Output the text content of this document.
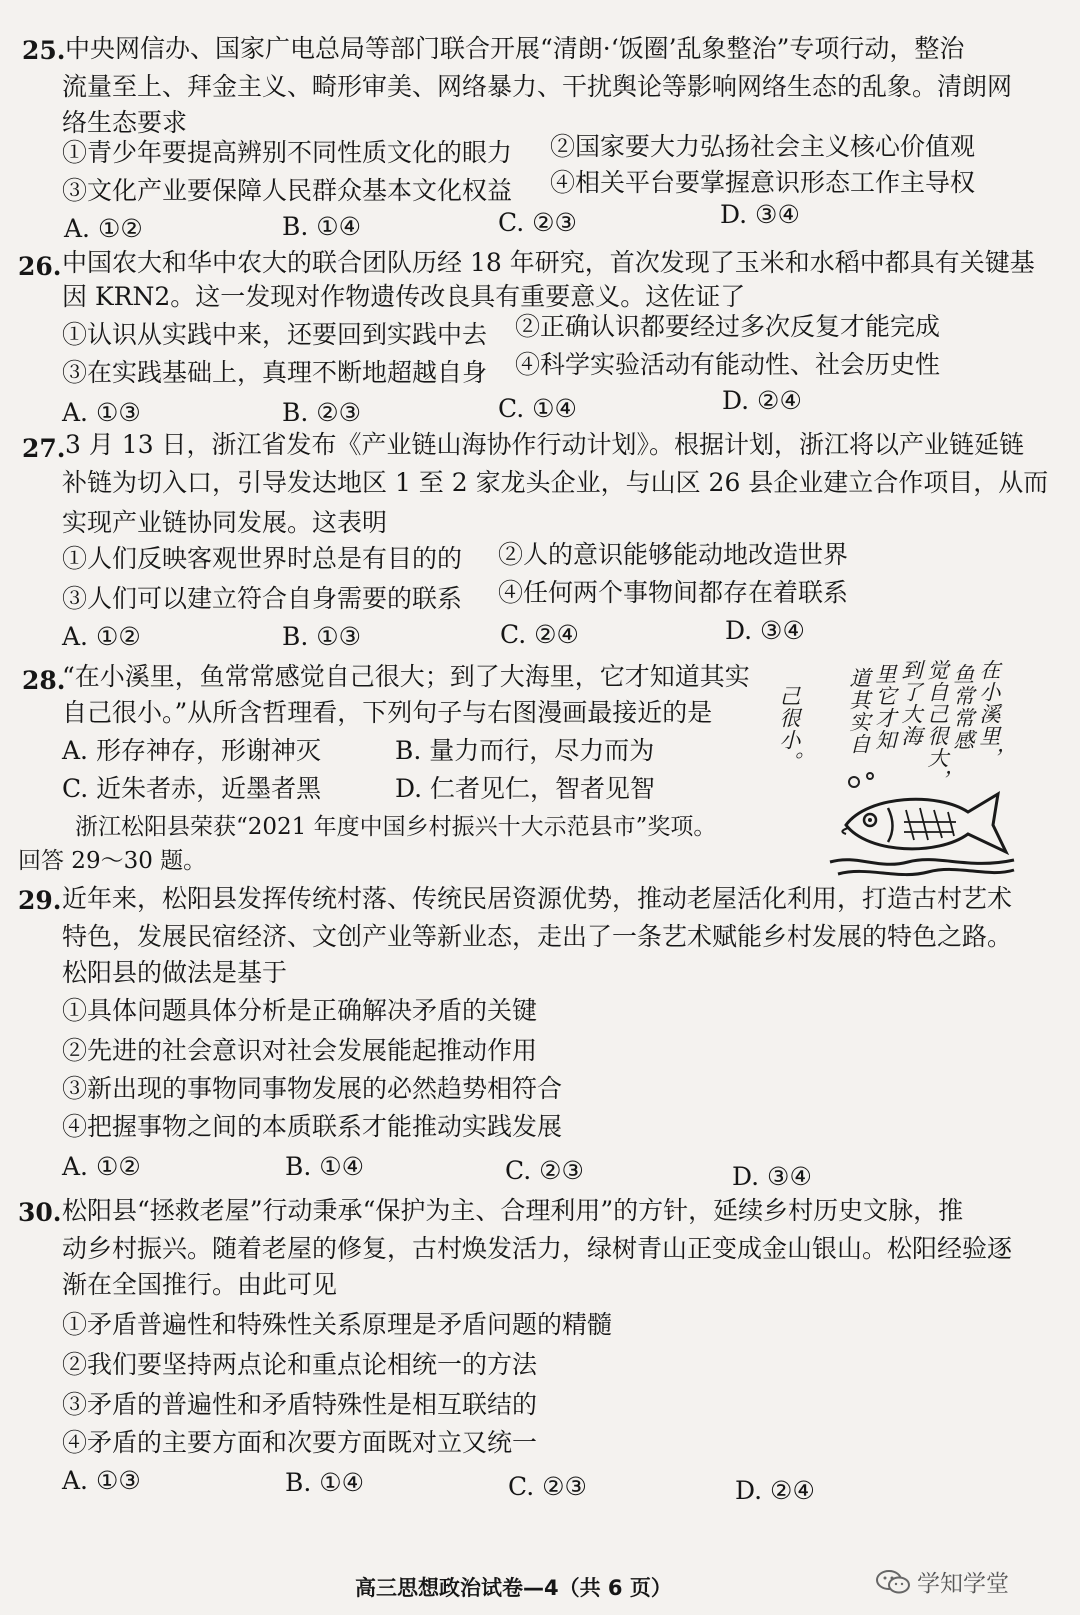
25. 中央网信办、国家广电总局等部门联合开展“清朗·‘饭圈’乱象整治”专项行动，整治
流量至上、拜金主义、畸形审美、网络暴力、干扰舆论等影响网络生态的乱象。清朗网
络生态要求
①青少年要提高辨别不同性质文化的眼力 ②国家要大力弘扬社会主义核心价值观
③文化产业要保障人民群众基本文化权益 ④相关平台要掌握意识形态工作主导权
A. ①②	B. ①④	C. ②③	D. ③④
26. 中国农大和华中农大的联合团队历经 18 年研究，首次发现了玉米和水稻中都具有关键基
因 KRN2。这一发现对作物遗传改良具有重要意义。这佐证了
①认识从实践中来，还要回到实践中去 ②正确认识都要经过多次反复才能完成
③在实践基础上，真理不断地超越自身 ④科学实验活动有能动性、社会历史性
A. ①③	B. ②③	C. ①④	D. ②④
27. 3 月 13 日，浙江省发布《产业链山海协作行动计划》。根据计划，浙江将以产业链延链
补链为切入口，引导发达地区 1 至 2 家龙头企业，与山区 26 县企业建立合作项目，从而
实现产业链协同发展。这表明
①人们反映客观世界时总是有目的的 ②人的意识能够能动地改造世界
③人们可以建立符合自身需要的联系 ④任何两个事物间都存在着联系
A. ①②	B. ①③	C. ②④	D. ③④
28.
“在小溪里，鱼常常感觉自己很大；到了大海里，它才知道其实
自己很小。”从所含哲理看，下列句子与右图漫画最接近的是
A. 形存神存，形谢神灭	B. 量力而行，尽力而为
C. 近朱者赤，近墨者黑	D. 仁者见仁，智者见智
在小溪里，
鱼常常感
觉自己很大，
到了大海
里它才知
道其实自
己很小。
浙江松阳县荣获“2021 年度中国乡村振兴十大示范县市”奖项。
回答 29～30 题。
29. 近年来，松阳县发挥传统村落、传统民居资源优势，推动老屋活化利用，打造古村艺术
特色，发展民宿经济、文创产业等新业态，走出了一条艺术赋能乡村发展的特色之路。
松阳县的做法是基于
①具体问题具体分析是正确解决矛盾的关键
②先进的社会意识对社会发展能起推动作用
③新出现的事物同事物发展的必然趋势相符合
④把握事物之间的本质联系才能推动实践发展
A. ①②	B. ①④	C. ②③	D. ③④
30. 松阳县“拯救老屋”行动秉承“保护为主、合理利用”的方针，延续乡村历史文脉，推
动乡村振兴。随着老屋的修复，古村焕发活力，绿树青山正变成金山银山。松阳经验逐
渐在全国推行。由此可见
①矛盾普遍性和特殊性关系原理是矛盾问题的精髓
②我们要坚持两点论和重点论相统一的方法
③矛盾的普遍性和矛盾特殊性是相互联结的
④矛盾的主要方面和次要方面既对立又统一
A. ①③	B. ①④	C. ②③	D. ②④
高三思想政治试卷—4（共 6 页）	学知学堂
